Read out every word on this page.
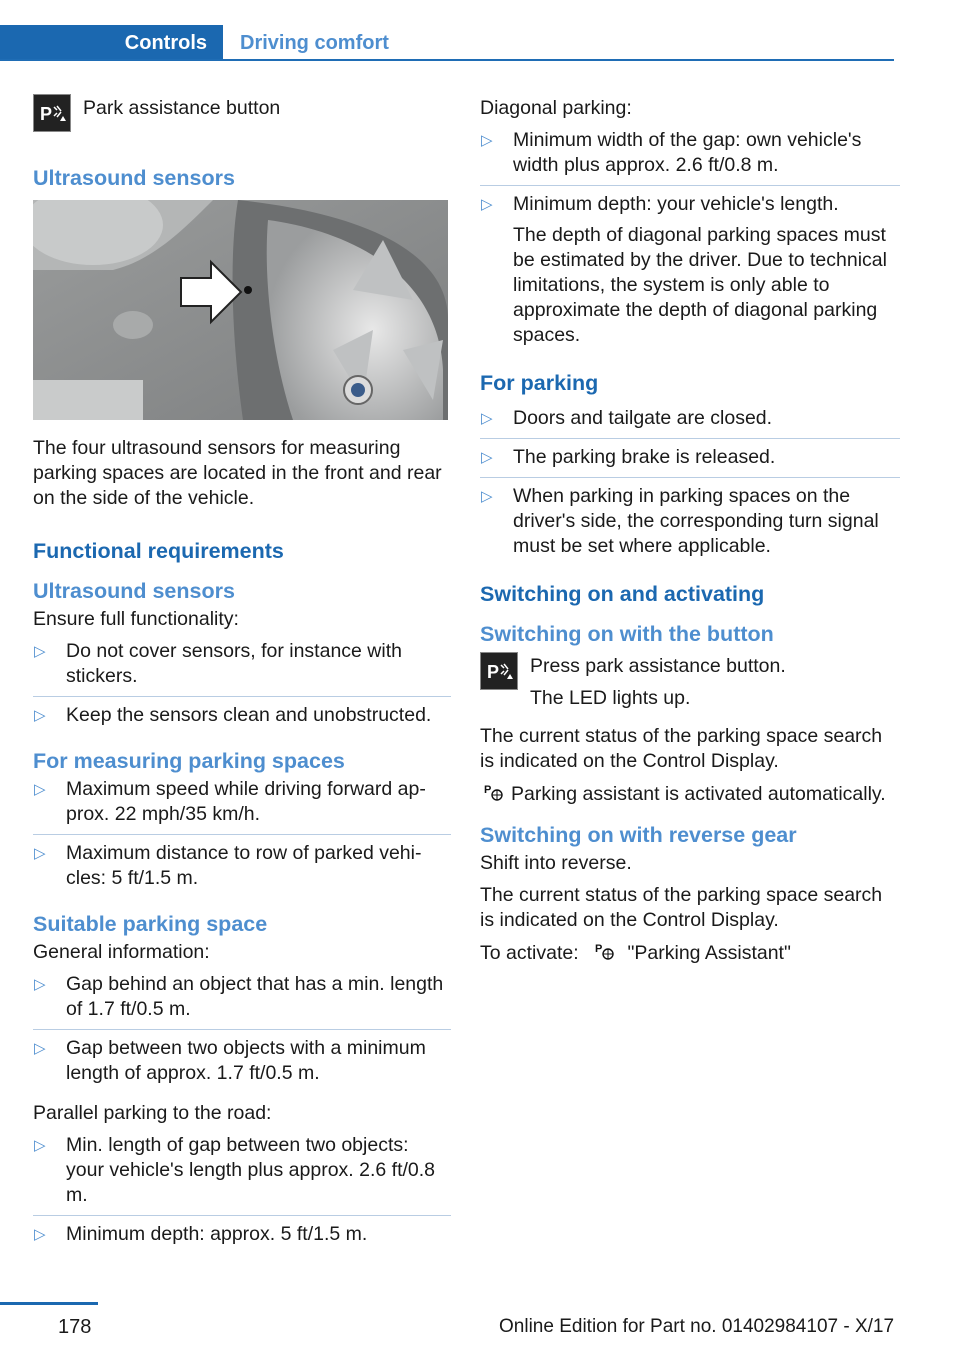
Controls	Driving comfort
P	Park assistance button
Ultrasound sensors

The four ultrasound sensors for measuring parking spaces are located in the front and rear on the side of the vehicle.

Functional requirements
Ultrasound sensors

Ensure full functionality:

▷ Do not cover sensors, for instance with stickers.
▷ Keep the sensors clean and unobstructed.
For measuring parking spaces
▷ Maximum speed while driving forward approx. 22 mph/35 km/h.
▷ Maximum distance to row of parked vehicles: 5 ft/1.5 m.
Suitable parking space

General information:

▷ Gap behind an object that has a min. length of 1.7 ft/0.5 m.
▷ Gap between two objects with a minimum length of approx. 1.7 ft/0.5 m.

Parallel parking to the road:

▷ Min. length of gap between two objects: your vehicle's length plus approx. 2.6 ft/0.8 m.
▷ Minimum depth: approx. 5 ft/1.5 m.

Diagonal parking:

▷ Minimum width of the gap: own vehicle's width plus approx. 2.6 ft/0.8 m.
▷ Minimum depth: your vehicle's length.
The depth of diagonal parking spaces must be estimated by the driver. Due to technical limitations, the system is only able to approximate the depth of diagonal parking spaces.
For parking
▷ Doors and tailgate are closed.
▷ The parking brake is released.
▷ When parking in parking spaces on the driver's side, the corresponding turn signal must be set where applicable.
Switching on and activating
Switching on with the button
P	Press park assistance button.
The LED lights up.

The current status of the parking space search is indicated on the Control Display.

P Parking assistant is activated automatically.

Switching on with reverse gear

Shift into reverse.

The current status of the parking space search is indicated on the Control Display.

To activate: P "Parking Assistant"

178	Online Edition for Part no. 01402984107 - X/17
